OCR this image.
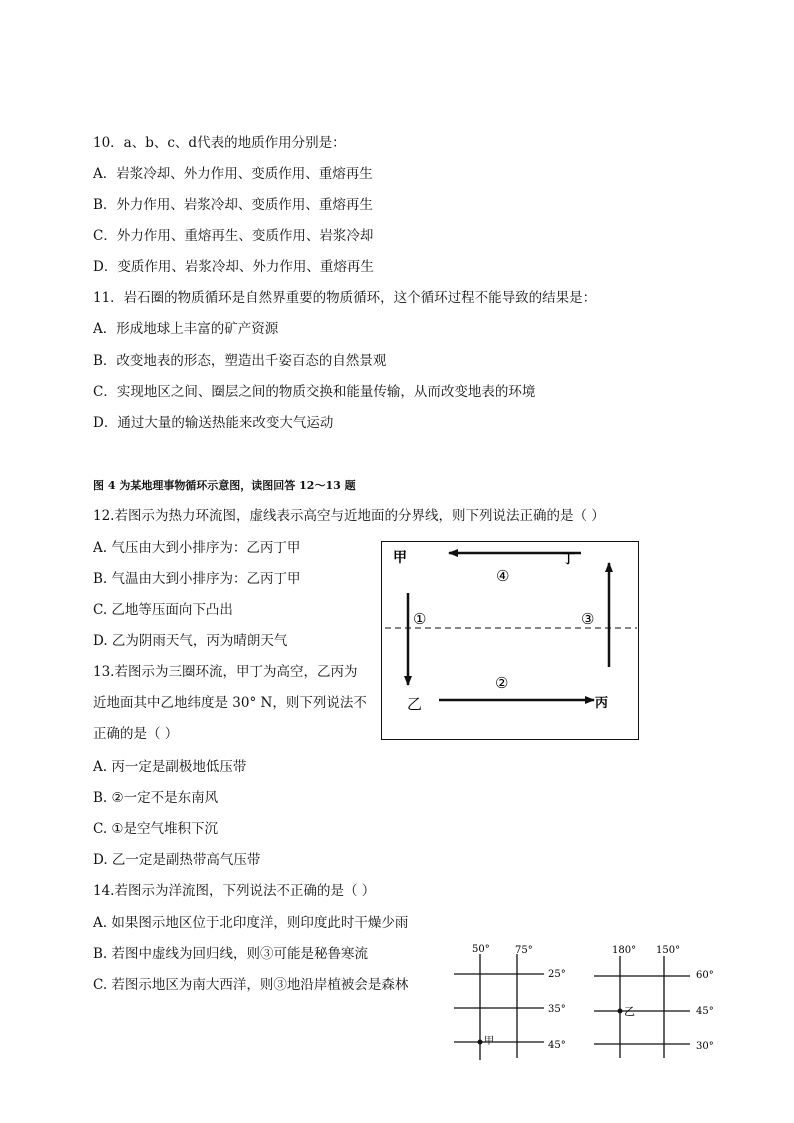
10．a、b、c、d代表的地质作用分别是：
A．岩浆冷却、外力作用、变质作用、重熔再生
B．外力作用、岩浆冷却、变质作用、重熔再生
C．外力作用、重熔再生、变质作用、岩浆冷却
D．变质作用、岩浆冷却、外力作用、重熔再生
11．岩石圈的物质循环是自然界重要的物质循环，这个循环过程不能导致的结果是：
A．形成地球上丰富的矿产资源
B．改变地表的形态，塑造出千姿百态的自然景观
C．实现地区之间、圈层之间的物质交换和能量传输，从而改变地表的环境
D．通过大量的输送热能来改变大气运动
图 4 为某地理事物循环示意图，读图回答 12～13 题
12.若图示为热力环流图，虚线表示高空与近地面的分界线，则下列说法正确的是（ ）
A. 气压由大到小排序为：乙丙丁甲
B. 气温由大到小排序为：乙丙丁甲
C. 乙地等压面向下凸出
D. 乙为阴雨天气，丙为晴朗天气
13.若图示为三圈环流，甲丁为高空，乙丙为
近地面其中乙地纬度是 30° N，则下列说法不
正确的是（ ）
A. 丙一定是副极地低压带
B. ②一定不是东南风
C. ①是空气堆积下沉
D. 乙一定是副热带高气压带
14.若图示为洋流图，下列说法不正确的是（ ）
A. 如果图示地区位于北印度洋，则印度此时干燥少雨
B. 若图中虚线为回归线，则③可能是秘鲁寒流
C. 若图示地区为南大西洋，则③地沿岸植被会是森林
甲	丁
乙	丙
④
①	③
②
50°	75°
25°
35°
45°
甲
180° 150°
60°
45°
30°
乙
